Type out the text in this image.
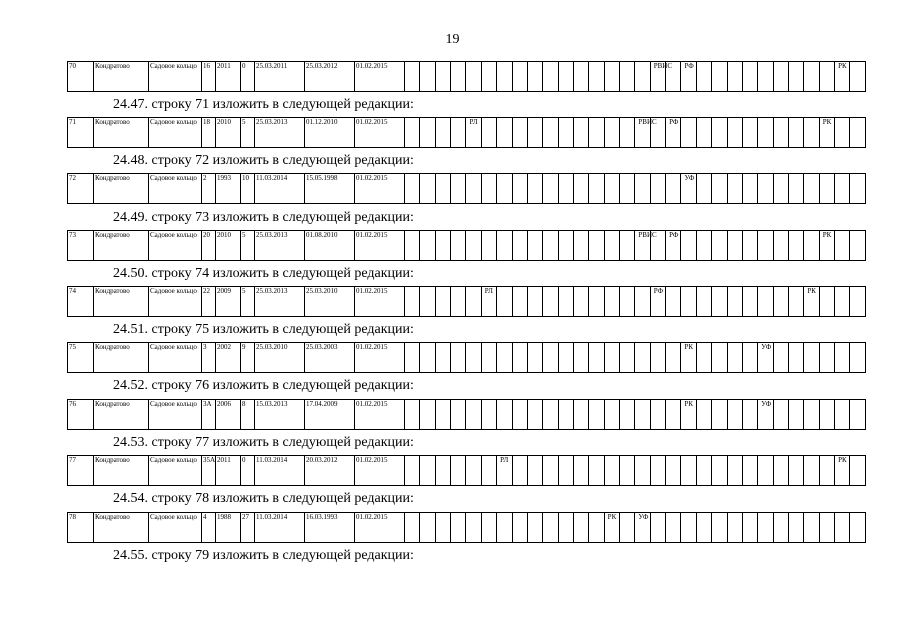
19
70	Кондратово	Садовое кольцо	16	2011	0	25.03.2011	25.03.2012	01.02.2015																	РВИС		РФ										РК	
71	Кондратово	Садовое кольцо	18	2010	5	25.03.2013	01.12.2010	01.02.2015					РЛ											РВИС		РФ										РК		
72	Кондратово	Садовое кольцо	2	1993	10	11.03.2014	15.05.1998	01.02.2015																			УФ											
73	Кондратово	Садовое кольцо	20	2010	5	25.03.2013	01.08.2010	01.02.2015																РВИС		РФ										РК		
74	Кондратово	Садовое кольцо	22	2009	5	25.03.2013	25.03.2010	01.02.2015						РЛ											РФ										РК			
75	Кондратово	Садовое кольцо	3	2002	9	25.03.2010	25.03.2003	01.02.2015																			РК					УФ						
76	Кондратово	Садовое кольцо	3А	2006	8	15.03.2013	17.04.2009	01.02.2015																			РК					УФ						
77	Кондратово	Садовое кольцо	35А	2011	0	11.03.2014	20.03.2012	01.02.2015							РЛ																						РК	
78	Кондратово	Садовое кольцо	4	1988	27	11.03.2014	16.03.1993	01.02.2015														РК		УФ														
24.47. строку 71 изложить в следующей редакции:
24.48. строку 72 изложить в следующей редакции:
24.49. строку 73 изложить в следующей редакции:
24.50. строку 74 изложить в следующей редакции:
24.51. строку 75 изложить в следующей редакции:
24.52. строку 76 изложить в следующей редакции:
24.53. строку 77 изложить в следующей редакции:
24.54. строку 78 изложить в следующей редакции:
24.55. строку 79 изложить в следующей редакции:
